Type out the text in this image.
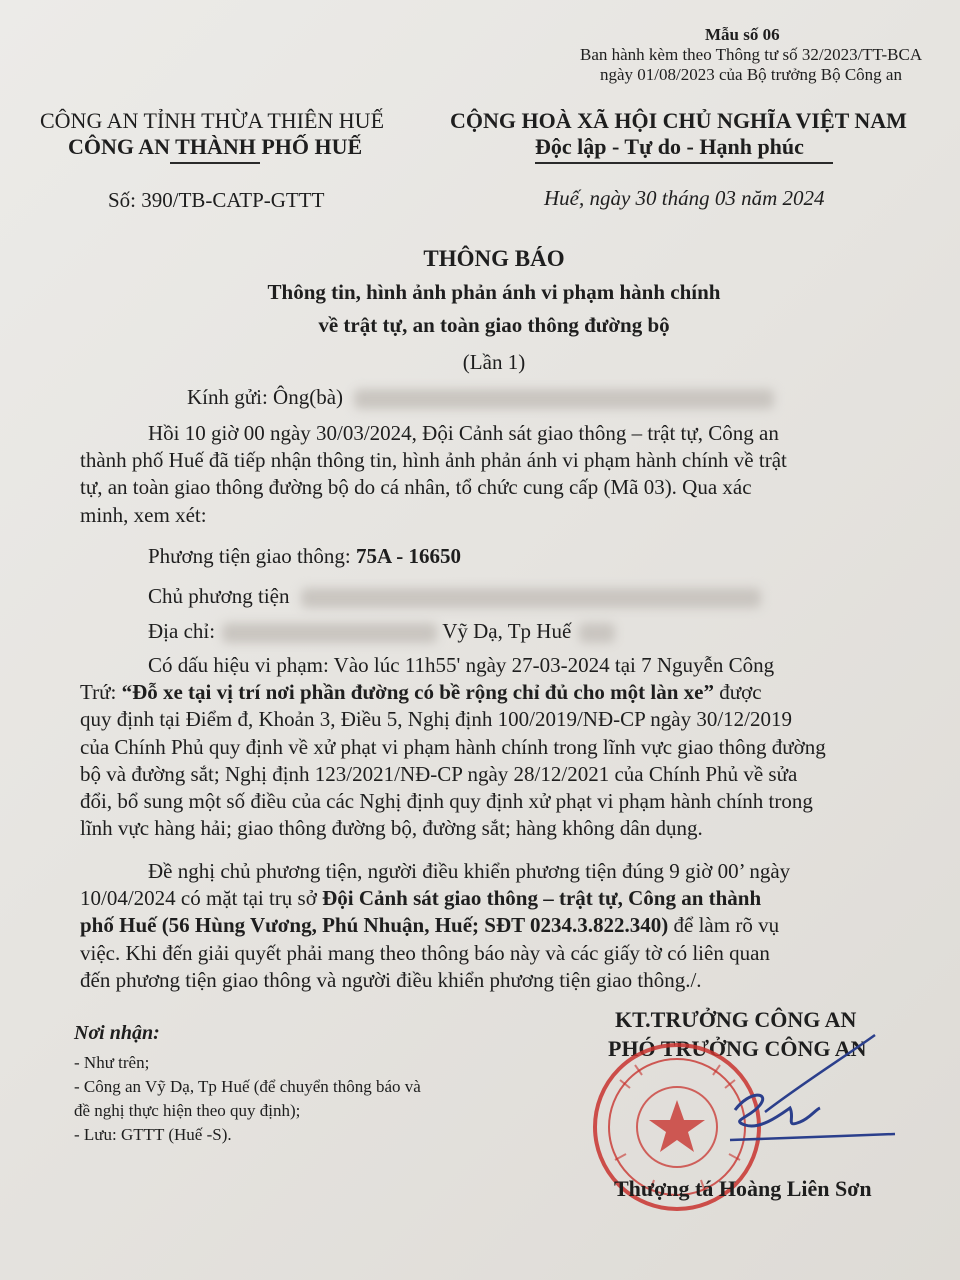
Mẫu số 06
Ban hành kèm theo Thông tư số 32/2023/TT-BCA
ngày 01/08/2023 của Bộ trưởng Bộ Công an
CÔNG AN TỈNH THỪA THIÊN HUẾ
CÔNG AN THÀNH PHỐ HUẾ
Số: 390/TB-CATP-GTTT
CỘNG HOÀ XÃ HỘI CHỦ NGHĨA VIỆT NAM
Độc lập - Tự do - Hạnh phúc
Huế, ngày 30 tháng 03 năm 2024
THÔNG BÁO
Thông tin, hình ảnh phản ánh vi phạm hành chính
về trật tự, an toàn giao thông đường bộ
(Lần 1)
Kính gửi: Ông(bà)

Hồi 10 giờ 00 ngày 30/03/2024, Đội Cảnh sát giao thông – trật tự, Công an

thành phố Huế đã tiếp nhận thông tin, hình ảnh phản ánh vi phạm hành chính về trật

tự, an toàn giao thông đường bộ do cá nhân, tổ chức cung cấp (Mã 03). Qua xác

minh, xem xét:

Phương tiện giao thông: 75A - 16650
Chủ phương tiện
Địa chỉ:	Vỹ Dạ, Tp Huế

Có dấu hiệu vi phạm: Vào lúc 11h55' ngày 27-03-2024 tại 7 Nguyễn Công

Trứ: “Đỗ xe tại vị trí nơi phần đường có bề rộng chỉ đủ cho một làn xe” được

quy định tại Điểm đ, Khoản 3, Điều 5, Nghị định 100/2019/NĐ-CP ngày 30/12/2019

của Chính Phủ quy định về xử phạt vi phạm hành chính trong lĩnh vực giao thông đường

bộ và đường sắt; Nghị định 123/2021/NĐ-CP ngày 28/12/2021 của Chính Phủ về sửa

đổi, bổ sung một số điều của các Nghị định quy định xử phạt vi phạm hành chính trong

lĩnh vực hàng hải; giao thông đường bộ, đường sắt; hàng không dân dụng.

Đề nghị chủ phương tiện, người điều khiển phương tiện đúng 9 giờ 00’ ngày

10/04/2024 có mặt tại trụ sở Đội Cảnh sát giao thông – trật tự, Công an thành

phố Huế (56 Hùng Vương, Phú Nhuận, Huế; SĐT 0234.3.822.340) để làm rõ vụ

việc. Khi đến giải quyết phải mang theo thông báo này và các giấy tờ có liên quan

đến phương tiện giao thông và người điều khiển phương tiện giao thông./.

Nơi nhận:
- Như trên;
- Công an Vỹ Dạ, Tp Huế (để chuyển thông báo và
đề nghị thực hiện theo quy định);
- Lưu: GTTT (Huế -S).
KT.TRƯỞNG CÔNG AN
PHÓ TRƯỞNG CÔNG AN
Thượng tá Hoàng Liên Sơn
